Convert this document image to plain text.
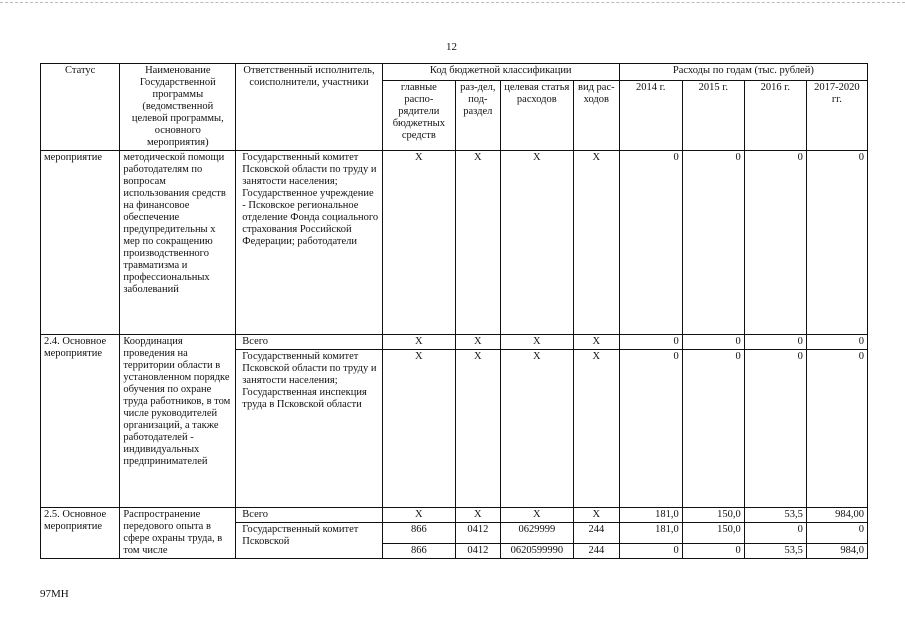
12
Статус	Наименование Государственной программы (ведомственной целевой программы, основного мероприятия)	Ответственный исполнитель, соисполнители, участники	Код бюджетной классификации				Расходы по годам (тыс. рублей)			
			главные распо-рядители бюджетных средств	раз-дел, под-раздел	целевая статья расходов	вид рас-ходов	2014 г.	2015 г.	2016 г.	2017-2020 гг.
мероприятие	методической помощи работодателям по вопросам использования средств на финансовое обеспечение предупредительны х мер по сокращению производственного травматизма и профессиональных заболеваний	Государственный комитет Псковской области по труду и занятости населения; Государственное учреждение - Псковское региональное отделение Фонда социального страхования Российской Федерации; работодатели	X	X	X	X	0	0	0	0
2.4. Основное мероприятие	Координация проведения на территории области в установленном порядке обучения по охране труда работников, в том числе руководителей организаций, а также работодателей - индивидуальных предпринимателей	Всего	X	X	X	X	0	0	0	0
		Государственный комитет Псковской области по труду и занятости населения; Государственная инспекция труда в Псковской области	X	X	X	X	0	0	0	0
2.5. Основное мероприятие	Распространение передового опыта в сфере охраны труда, в том числе	Всего	X	X	X	X	181,0	150,0	53,5	984,00
		Государственный комитет Псковской	866	0412	0629999	244	181,0	150,0	0	0
			866	0412	0620599990	244	0	0	53,5	984,0
97МН
